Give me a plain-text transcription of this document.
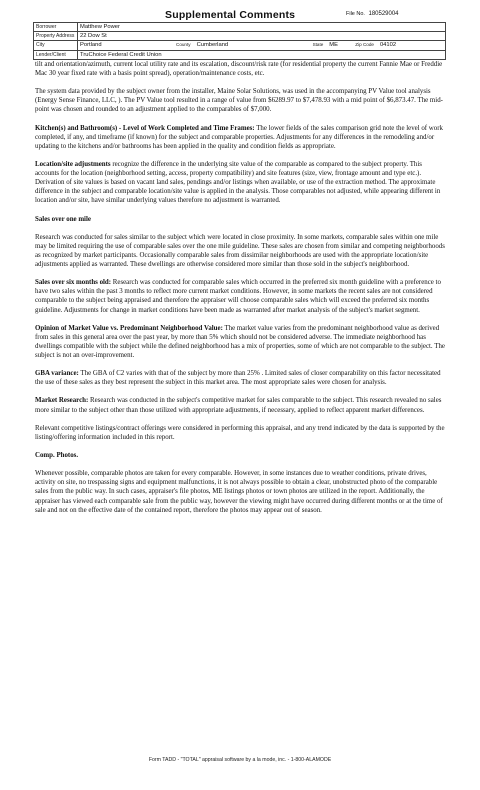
Supplemental Comments	File No. 180529004
Borrower	Matthew Power
Property Address	22 Dow St
City	Portland County Cumberland State ME Zip Code 04102
Lender/Client	TruChoice Federal Credit Union

tilt and orientation/azimuth, current local utility rate and its escalation, discount/risk rate (for residential property the current Fannie Mae or Freddie Mac 30 year fixed rate with a basis point spread), operation/maintenance costs, etc.

The system data provided by the subject owner from the installer, Maine Solar Solutions, was used in the accompanying PV Value tool analysis (Energy Sense Finance, LLC, ). The PV Value tool resulted in a range of value from $6289.97 to $7,478.93 with a mid point of $6,873.47. The mid-point was chosen and rounded to an adjustment applied to the comparables of $7,000.

Kitchen(s) and Bathroom(s) - Level of Work Completed and Time Frames: The lower fields of the sales comparison grid note the level of work completed, if any, and timeframe (if known) for the subject and comparable properties. Adjustments for any differences in the remodeling and/or updating to the kitchens and/or bathrooms has been applied in the quality and condition fields as appropriate.

Location/site adjustments recognize the difference in the underlying site value of the comparable as compared to the subject property. This accounts for the location (neighborhood setting, access, property compatibility) and site features (size, view, frontage amount and type etc.). Derivation of site values is based on vacant land sales, pendings and/or listings when available, or use of the extraction method. The approximate difference in the subject and comparable location/site value is applied in the analysis. Those comparables not adjusted, while appearing different in location and/or site, have similar underlying values therefore no adjustment is warranted.

Sales over one mile

Research was conducted for sales similar to the subject which were located in close proximity. In some markets, comparable sales within one mile may be limited requiring the use of comparable sales over the one mile guideline. These sales are chosen from similar and competing neighborhoods as recognized by market participants. Occasionally comparable sales from dissimilar neighborhoods are used with the appropriate location/site adjustments applied as warranted. These dwellings are otherwise considered more similar than those sold in the subject's neighborhood.

Sales over six months old: Research was conducted for comparable sales which occurred in the preferred six month guideline with a preference to have two sales within the past 3 months to reflect more current market conditions. However, in some markets the recent sales are not considered comparable to the subject being appraised and therefore the appraiser will choose comparable sales which will exceed the preferred six months guideline. Adjustments for change in market conditions have been made as warranted after market analysis of the subject's market segment.

Opinion of Market Value vs. Predominant Neighborhood Value: The market value varies from the predominant neighborhood value as derived from sales in this general area over the past year, by more than 5% which should not be considered adverse. The immediate neighborhood has dwellings compatible with the subject while the defined neighborhood has a mix of properties, some of which are not comparable to the subject. The subject is not an over-improvement.

GBA variance: The GBA of C2 varies with that of the subject by more than 25% . Limited sales of closer comparability on this factor necessitated the use of these sales as they best represent the subject in this market area. The most appropriate sales were chosen for analysis.

Market Research: Research was conducted in the subject's competitive market for sales comparable to the subject. This research revealed no sales more similar to the subject other than those utilized with appropriate adjustments, if necessary, applied to reflect apparent market differences.

Relevant competitive listings/contract offerings were considered in performing this appraisal, and any trend indicated by the data is supported by the listing/offering information included in this report.

Comp. Photos.

Whenever possible, comparable photos are taken for every comparable. However, in some instances due to weather conditions, private drives, activity on site, no trespassing signs and equipment malfunctions, it is not always possible to obtain a clear, unobstructed photo of the comparable sales from the public way. In such cases, appraiser's file photos, ME listings photos or town photos are utilized in the report. Additionally, the appraiser has viewed each comparable sale from the public way, however the viewing might have occurred during different months or at the time of sale and not on the effective date of the contained report, therefore the photos may appear out of season.

Form TADD - "TOTAL" appraisal software by a la mode, inc. - 1-800-ALAMODE
